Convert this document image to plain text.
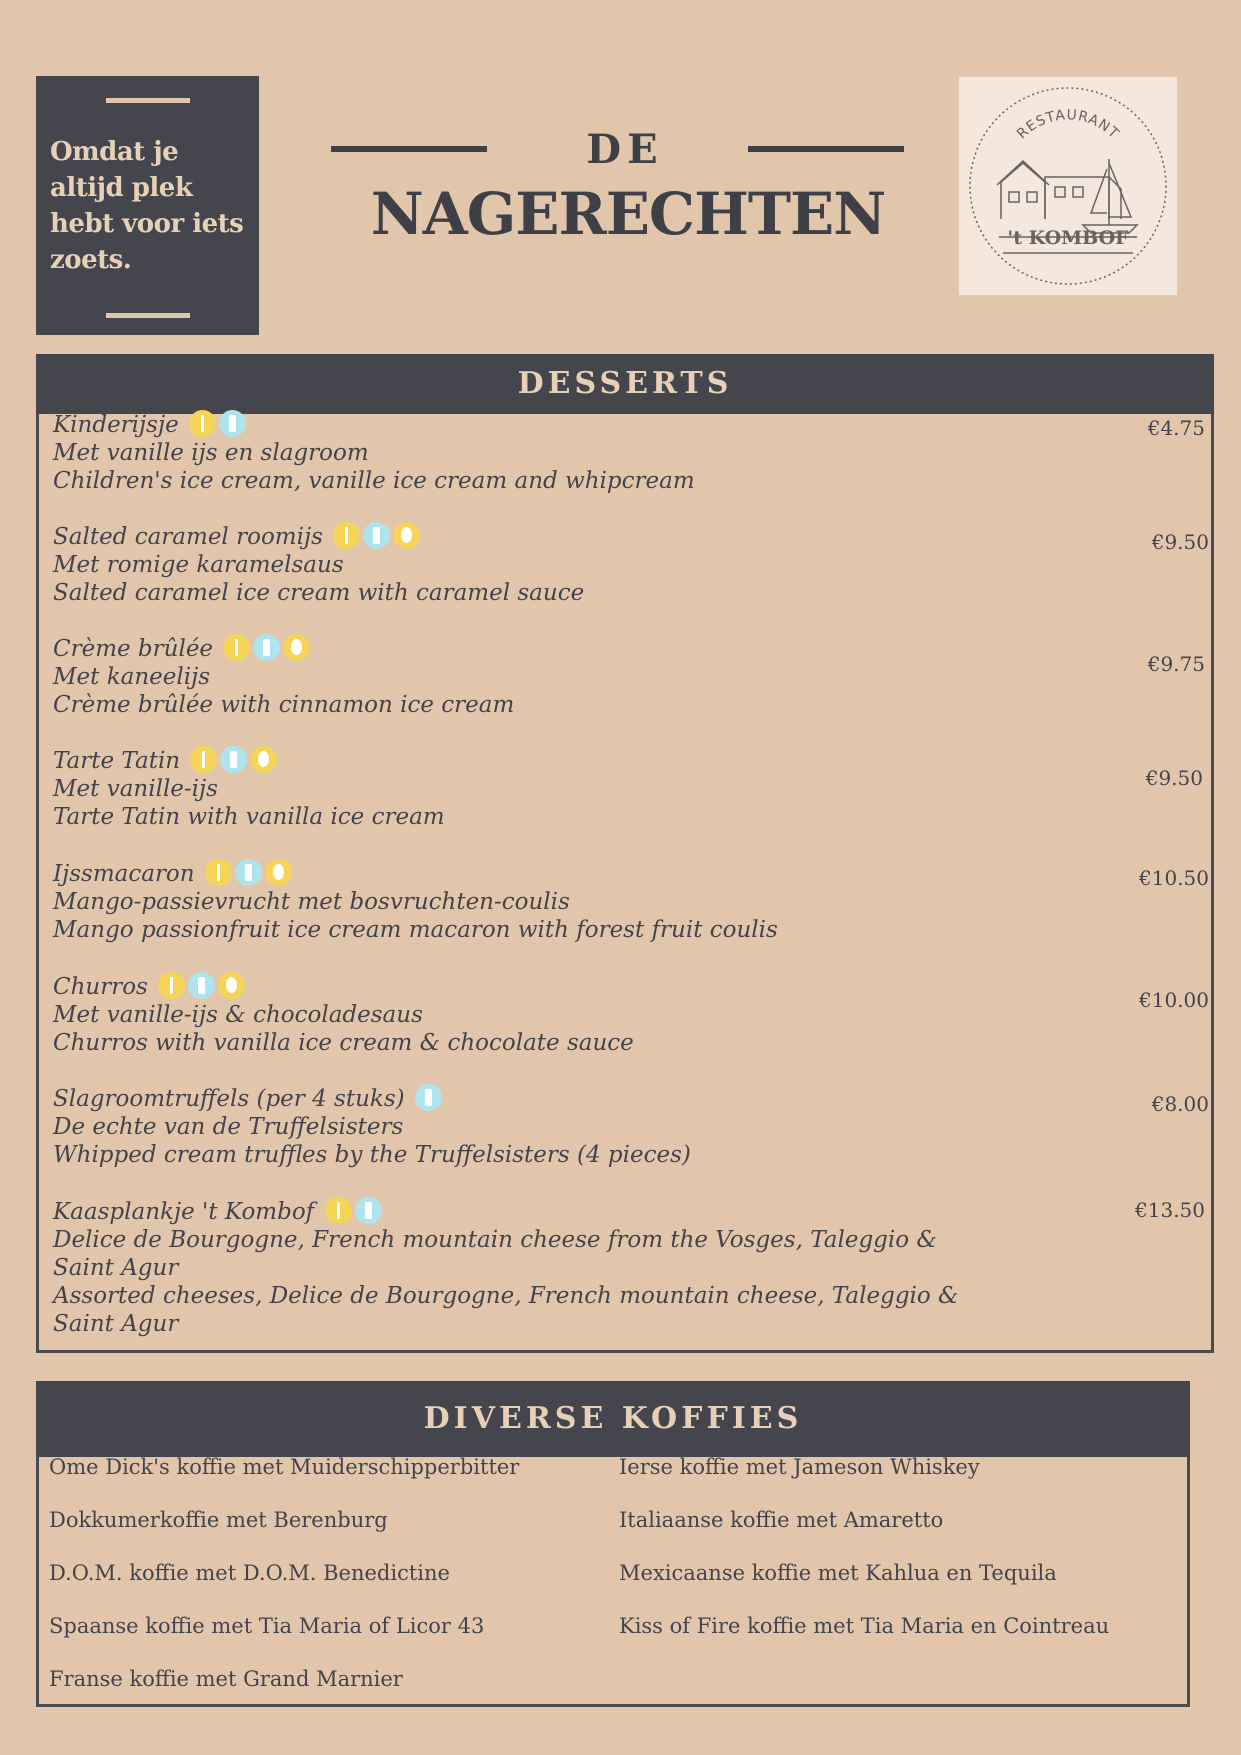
Omdat je
altijd plek
hebt voor iets
zoets.
DE
NAGERECHTEN
RESTAURANT
't KOMBOF
DESSERTS
Kinderijsje
Met vanille ijs en slagroom
Children's ice cream, vanille ice cream and whipcream
€4.75
Salted caramel roomijs
Met romige karamelsaus
Salted caramel ice cream with caramel sauce
€9.50
Crème brûlée
Met kaneelijs
Crème brûlée with cinnamon ice cream
€9.75
Tarte Tatin
Met vanille-ijs
Tarte Tatin with vanilla ice cream
€9.50
Ijssmacaron
Mango-passievrucht met bosvruchten-coulis
Mango passionfruit ice cream macaron with forest fruit coulis
€10.50
Churros
Met vanille-ijs & chocoladesaus
Churros with vanilla ice cream & chocolate sauce
€10.00
Slagroomtruffels (per 4 stuks)
De echte van de Truffelsisters
Whipped cream truffles by the Truffelsisters (4 pieces)
€8.00
Kaasplankje 't Kombof
Delice de Bourgogne, French mountain cheese from the Vosges, Taleggio &
Saint Agur
Assorted cheeses, Delice de Bourgogne, French mountain cheese, Taleggio &
Saint Agur
€13.50
DIVERSE KOFFIES
Ome Dick's koffie met Muiderschipperbitter
Dokkumerkoffie met Berenburg
D.O.M. koffie met D.O.M. Benedictine
Spaanse koffie met Tia Maria of Licor 43
Franse koffie met Grand Marnier
Ierse koffie met Jameson Whiskey
Italiaanse koffie met Amaretto
Mexicaanse koffie met Kahlua en Tequila
Kiss of Fire koffie met Tia Maria en Cointreau
